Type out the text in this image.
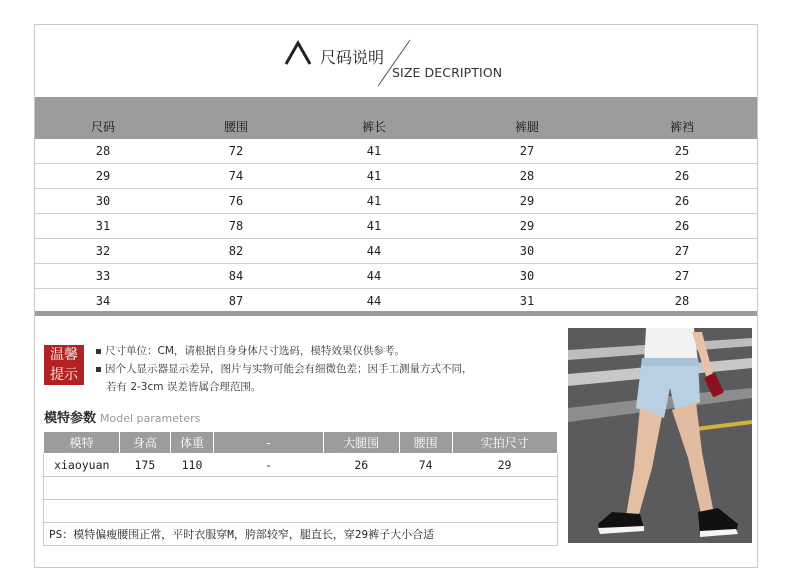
尺码说明
SIZE DECRIPTION
尺码	腰围	裤长	裤腿	裤裆
28	72	41	27	25
29	74	41	28	26
30	76	41	29	26
31	78	41	29	26
32	82	44	30	27
33	84	44	30	27
34	87	44	31	28
温馨
提示
尺寸单位：CM，请根据自身身体尺寸选码，模特效果仅供参考。
因个人显示器显示差异，图片与实物可能会有细微色差；因手工测量方式不同，
若有 2-3cm 误差皆属合理范围。
模特参数 Model parameters
模特	身高	体重	-	大腿围	腰围	实拍尺寸
xiaoyuan	175	110	-	26	74	29

PS：模特偏瘦腰围正常，平时衣服穿M，胯部较窄，腿直长，穿29裤子大小合适						
